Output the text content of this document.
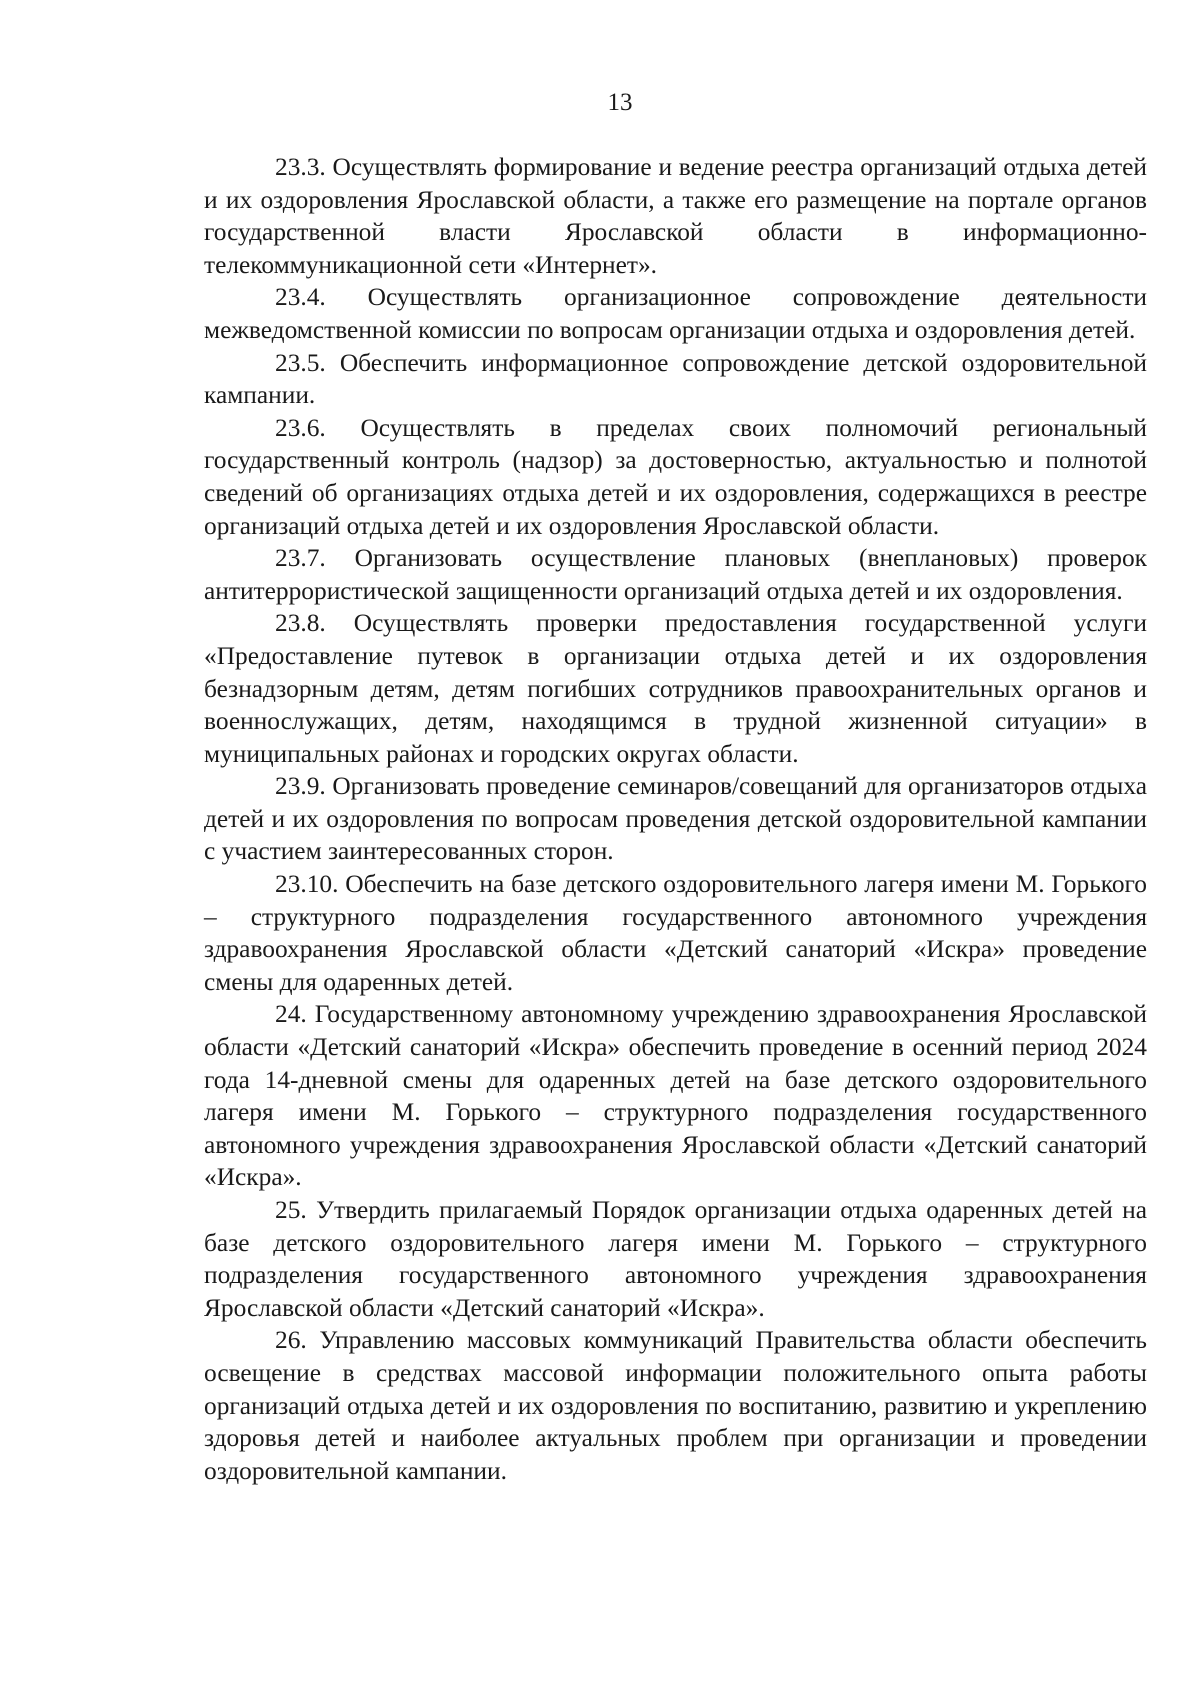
13

23.3. Осуществлять формирование и ведение реестра организаций отдыха детей и их оздоровления Ярославской области, а также его размещение на портале органов государственной власти Ярославской области в информационно-телекоммуникационной сети «Интернет».

23.4. Осуществлять организационное сопровождение деятельности межведомственной комиссии по вопросам организации отдыха и оздоровления детей.

23.5. Обеспечить информационное сопровождение детской оздоровительной кампании.

23.6. Осуществлять в пределах своих полномочий региональный государственный контроль (надзор) за достоверностью, актуальностью и полнотой сведений об организациях отдыха детей и их оздоровления, содержащихся в реестре организаций отдыха детей и их оздоровления Ярославской области.

23.7. Организовать осуществление плановых (внеплановых) проверок антитеррористической защищенности организаций отдыха детей и их оздоровления.

23.8. Осуществлять проверки предоставления государственной услуги «Предоставление путевок в организации отдыха детей и их оздоровления безнадзорным детям, детям погибших сотрудников правоохранительных органов и военнослужащих, детям, находящимся в трудной жизненной ситуации» в муниципальных районах и городских округах области.

23.9. Организовать проведение семинаров/совещаний для организаторов отдыха детей и их оздоровления по вопросам проведения детской оздоровительной кампании с участием заинтересованных сторон.

23.10. Обеспечить на базе детского оздоровительного лагеря имени М. Горького – структурного подразделения государственного автономного учреждения здравоохранения Ярославской области «Детский санаторий «Искра» проведение смены для одаренных детей.

24. Государственному автономному учреждению здравоохранения Ярославской области «Детский санаторий «Искра» обеспечить проведение в осенний период 2024 года 14-дневной смены для одаренных детей на базе детского оздоровительного лагеря имени М. Горького – структурного подразделения государственного автономного учреждения здравоохранения Ярославской области «Детский санаторий «Искра».

25. Утвердить прилагаемый Порядок организации отдыха одаренных детей на базе детского оздоровительного лагеря имени М. Горького – структурного подразделения государственного автономного учреждения здравоохранения Ярославской области «Детский санаторий «Искра».

26. Управлению массовых коммуникаций Правительства области обеспечить освещение в средствах массовой информации положительного опыта работы организаций отдыха детей и их оздоровления по воспитанию, развитию и укреплению здоровья детей и наиболее актуальных проблем при организации и проведении оздоровительной кампании.
